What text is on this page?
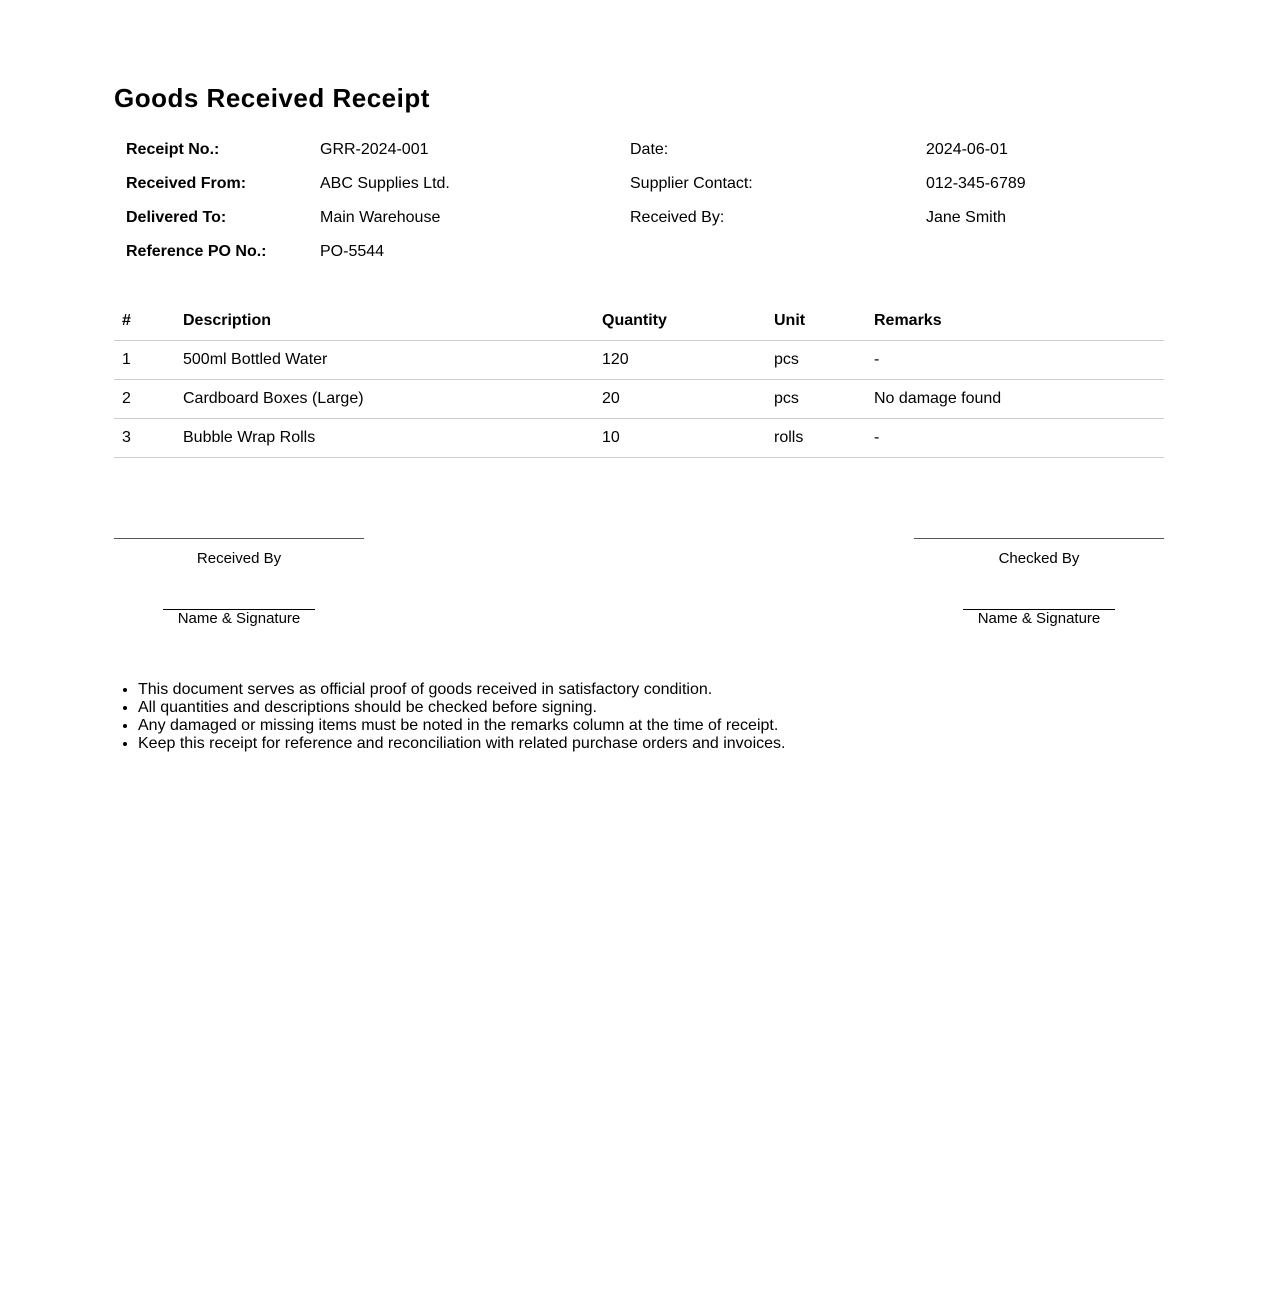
Goods Received Receipt
Receipt No.:	GRR-2024-001	Date:	2024-06-01
Received From:	ABC Supplies Ltd.	Supplier Contact:	012-345-6789
Delivered To:	Main Warehouse	Received By:	Jane Smith
Reference PO No.:	PO-5544		
#	Description	Quantity	Unit	Remarks
1	500ml Bottled Water	120	pcs	-
2	Cardboard Boxes (Large)	20	pcs	No damage found
3	Bubble Wrap Rolls	10	rolls	-
Received By
Name & Signature
Checked By
Name & Signature
• This document serves as official proof of goods received in satisfactory condition.
• All quantities and descriptions should be checked before signing.
• Any damaged or missing items must be noted in the remarks column at the time of receipt.
• Keep this receipt for reference and reconciliation with related purchase orders and invoices.
